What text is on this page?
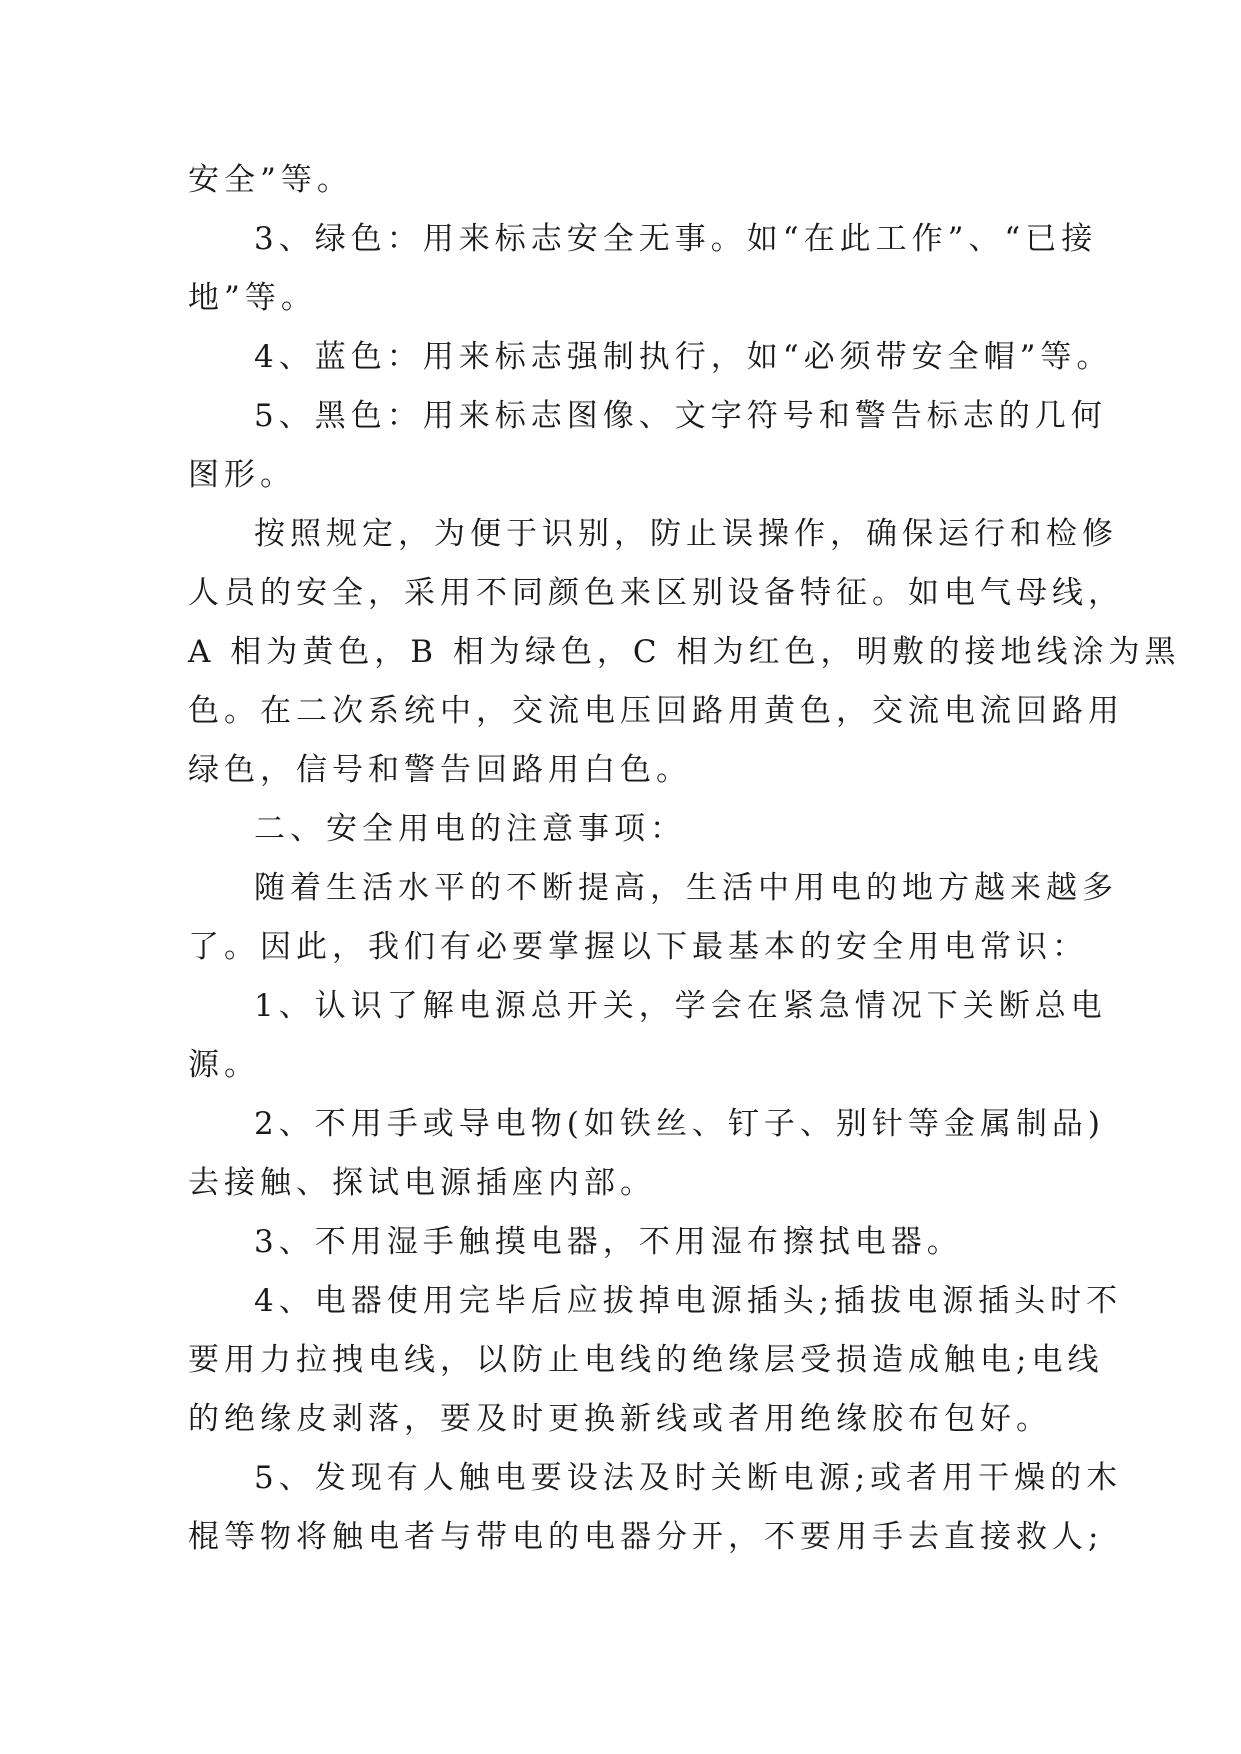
安全”等。

3、绿色：用来标志安全无事。如“在此工作”、“已接
地”等。

4、蓝色：用来标志强制执行，如“必须带安全帽”等。

5、黑色：用来标志图像、文字符号和警告标志的几何
图形。

按照规定，为便于识别，防止误操作，确保运行和检修
人员的安全，采用不同颜色来区别设备特征。如电气母线，
A 相为黄色，B 相为绿色，C 相为红色，明敷的接地线涂为黑
色。在二次系统中，交流电压回路用黄色，交流电流回路用
绿色，信号和警告回路用白色。

二、安全用电的注意事项：

随着生活水平的不断提高，生活中用电的地方越来越多
了。因此，我们有必要掌握以下最基本的安全用电常识：

1、认识了解电源总开关，学会在紧急情况下关断总电
源。

2、不用手或导电物(如铁丝、钉子、别针等金属制品)
去接触、探试电源插座内部。

3、不用湿手触摸电器，不用湿布擦拭电器。

4、电器使用完毕后应拔掉电源插头;插拔电源插头时不
要用力拉拽电线，以防止电线的绝缘层受损造成触电;电线
的绝缘皮剥落，要及时更换新线或者用绝缘胶布包好。

5、发现有人触电要设法及时关断电源;或者用干燥的木
棍等物将触电者与带电的电器分开，不要用手去直接救人;
